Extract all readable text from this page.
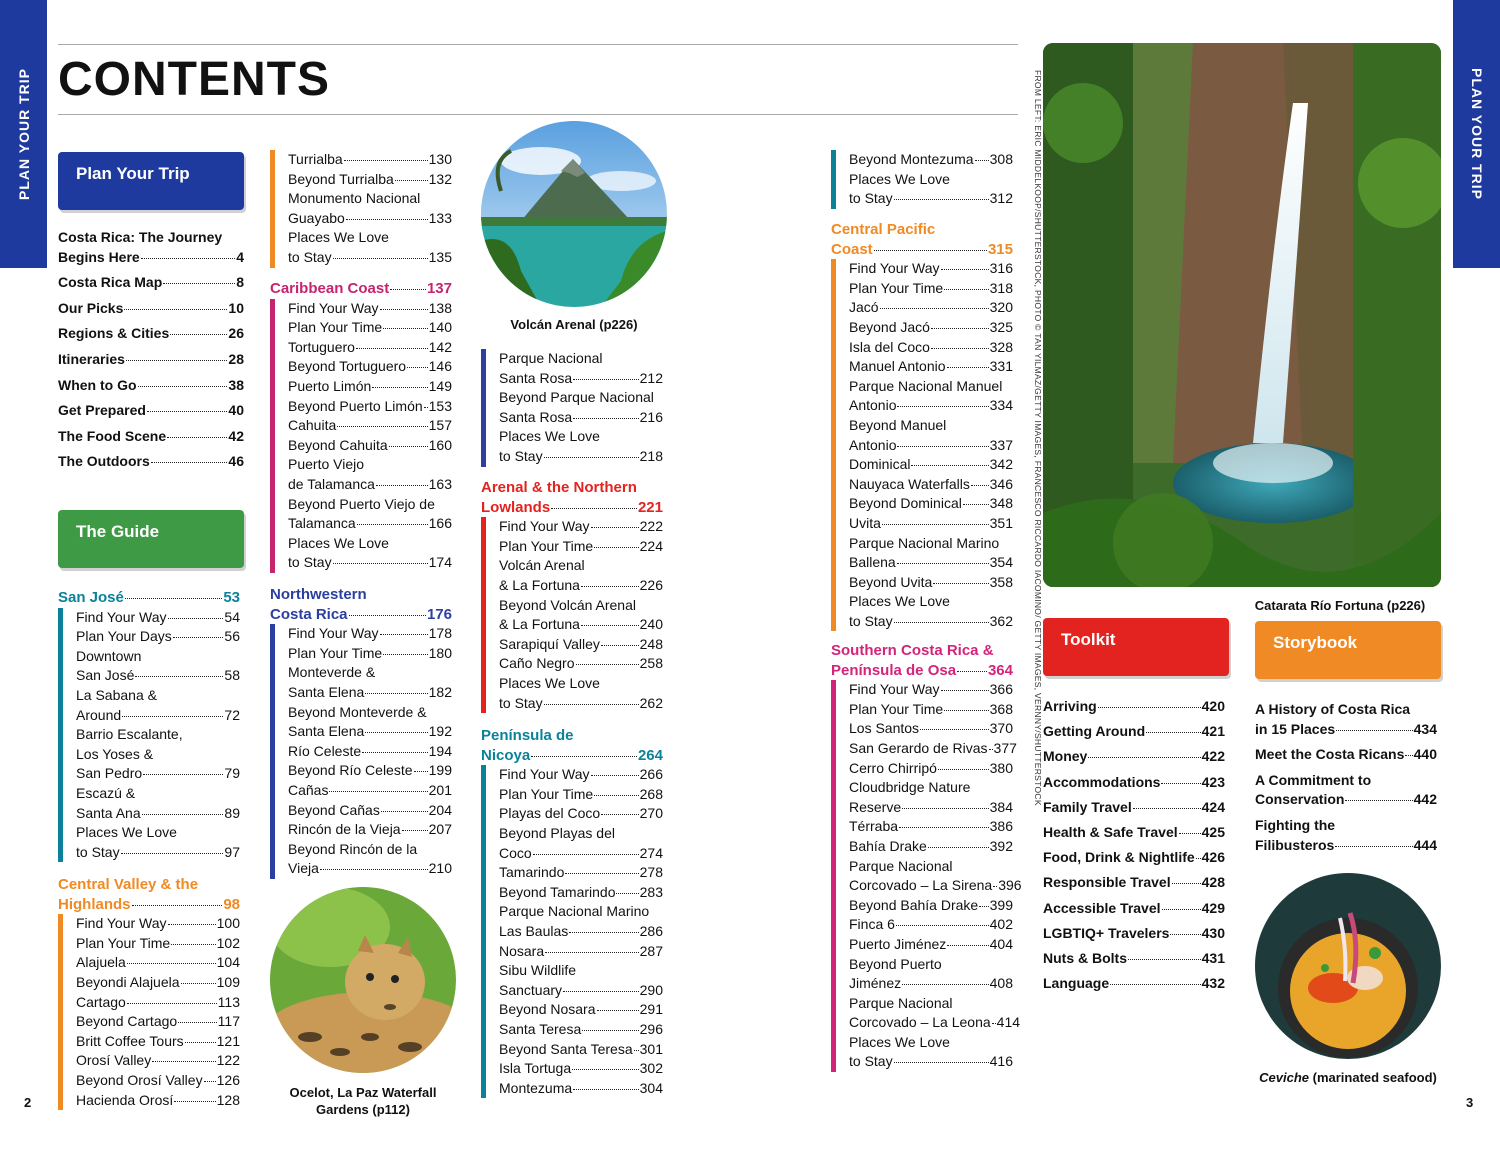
PLAN YOUR TRIP	PLAN YOUR TRIP
CONTENTS
Plan Your Trip
The Guide
Toolkit	Storybook
Costa Rica: The Journey
Begins Here	4
Costa Rica Map	8
Our Picks	10
Regions & Cities	26
Itineraries	28
When to Go	38
Get Prepared	40
The Food Scene	42
The Outdoors	46
San José	53
Find Your Way	54
Plan Your Days	56
Downtown
San José	58
La Sabana &
Around	72
Barrio Escalante,
Los Yoses &
San Pedro	79
Escazú &
Santa Ana	89
Places We Love
to Stay	97
Central Valley & the
Highlands	98
Find Your Way	100
Plan Your Time	102
Alajuela	104
Beyondi Alajuela	109
Cartago	113
Beyond Cartago	117
Britt Coffee Tours 121
Orosí Valley	122
Beyond Orosí Valley 126
Hacienda Orosí	128
Turrialba	130
Beyond Turrialba 132
Monumento Nacional
Guayabo	133
Places We Love
to Stay	135
Caribbean Coast	137
Find Your Way	138
Plan Your Time	140
Tortuguero	142
Beyond Tortuguero 146
Puerto Limón	149
Beyond Puerto Limón 153
Cahuita	157
Beyond Cahuita	160
Puerto Viejo
de Talamanca	163
Beyond Puerto Viejo de
Talamanca	166
Places We Love
to Stay	174
Northwestern
Costa Rica	176
Find Your Way	178
Plan Your Time	180
Monteverde &
Santa Elena	182
Beyond Monteverde &
Santa Elena	192
Río Celeste	194
Beyond Río Celeste 199
Cañas	201
Beyond Cañas	204
Rincón de la Vieja 207
Beyond Rincón de la
Vieja	210
Parque Nacional
Santa Rosa	212
Beyond Parque Nacional
Santa Rosa	216
Places We Love
to Stay	218
Arenal & the Northern
Lowlands	221
Find Your Way	222
Plan Your Time	224
Volcán Arenal
& La Fortuna	226
Beyond Volcán Arenal
& La Fortuna	240
Sarapiquí Valley	248
Caño Negro	258
Places We Love
to Stay	262
Península de
Nicoya	264
Find Your Way	266
Plan Your Time	268
Playas del Coco	270
Beyond Playas del
Coco	274
Tamarindo	278
Beyond Tamarindo 283
Parque Nacional Marino
Las Baulas	286
Nosara	287
Sibu Wildlife
Sanctuary	290
Beyond Nosara	291
Santa Teresa	296
Beyond Santa Teresa 301
Isla Tortuga	302
Montezuma	304
Beyond Montezuma 308
Places We Love
to Stay	312
Central Pacific
Coast	315
Find Your Way	316
Plan Your Time	318
Jacó	320
Beyond Jacó	325
Isla del Coco	328
Manuel Antonio	331
Parque Nacional Manuel
Antonio	334
Beyond Manuel
Antonio	337
Dominical	342
Nauyaca Waterfalls 346
Beyond Dominical 348
Uvita	351
Parque Nacional Marino
Ballena	354
Beyond Uvita	358
Places We Love
to Stay	362
Southern Costa Rica &
Península de Osa 364
Find Your Way	366
Plan Your Time	368
Los Santos	370
San Gerardo de Rivas 377
Cerro Chirripó	380
Cloudbridge Nature
Reserve	384
Térraba	386
Bahía Drake	392
Parque Nacional
Corcovado – La Sirena 396
Beyond Bahía Drake 399
Finca 6	402
Puerto Jiménez	404
Beyond Puerto
Jiménez	408
Parque Nacional
Corcovado – La Leona 414
Places We Love
to Stay	416
Arriving	420
Getting Around	421
Money	422
Accommodations	423
Family Travel	424
Health & Safe Travel 425
Food, Drink & Nightlife 426
Responsible Travel 428
Accessible Travel	429
LGBTIQ+ Travelers 430
Nuts & Bolts	431
Language	432
A History of Costa Rica
in 15 Places	434
Meet the Costa Ricans 440
A Commitment to
Conservation	442
Fighting the
Filibusteros	444
Volcán Arenal (p226)
Ocelot, La Paz Waterfall Gardens (p112)
Catarata Río Fortuna (p226)
Ceviche (marinated seafood)
FROM LEFT: ERIC MIDDELKOOP/SHUTTERSTOCK, PHOTO © TAN YILMAZ/GETTY IMAGES, FRANCESCO RICCARDO IACOMINO/ GETTY IMAGES, VERNNY/SHUTTERSTOCK
2	3
